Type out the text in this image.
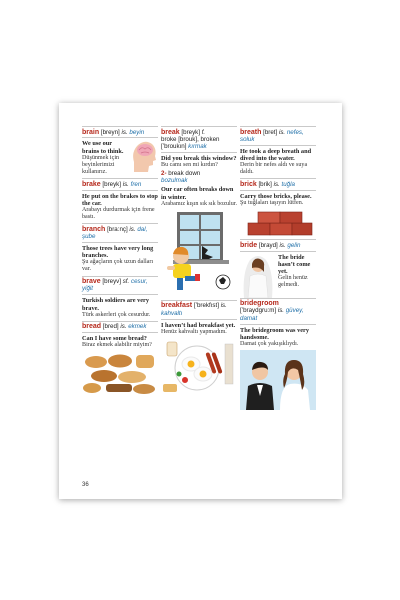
brain [breyn] is. beyin
We use our brains to think.
Düşünmek için beyinlerimizi kullanırız.
brake [breyk] is. fren
He put on the brakes to stop the car.
Arabayı durdurmak için frene bastı.
branch [bra:nç] is. dal, şube
Those trees have very long branches.
Şu ağaçların çok uzun dalları var.
brave [breyv] sf. cesur, yiğit
Turkish soldiers are very brave.
Türk askerleri çok cesurdur.
bread [bred] is. ekmek
Can I have some bread?
Biraz ekmek alabilir miyim?
break [breyk] f.
broke [brouk], broken [’broukın] kırmak
Did you break this window?
Bu camı sen mi kırdın?
2- break down
bozulmak
Our car often breaks down in winter.
Arabamız kışın sık sık bozulur.
breakfast [’brekfıst] is.
kahvaltı
I haven’t had breakfast yet.
Henüz kahvaltı yapmadım.
breath [bret] is. nefes, soluk
He took a deep breath and dived into the water.
Derin bir nefes aldı ve suya daldı.
brick [brik] is. tuğla
Carry those bricks, please.
Şu tuğlaları taşıyın lütfen.
bride [brayd] is. gelin
The bride hasn’t come yet.
Gelin henüz gelmedi.
bridegroom
[’braydgru:m] is. güvey, damat
The bridegroom was very handsome.
Damat çok yakışıklıydı.
36
